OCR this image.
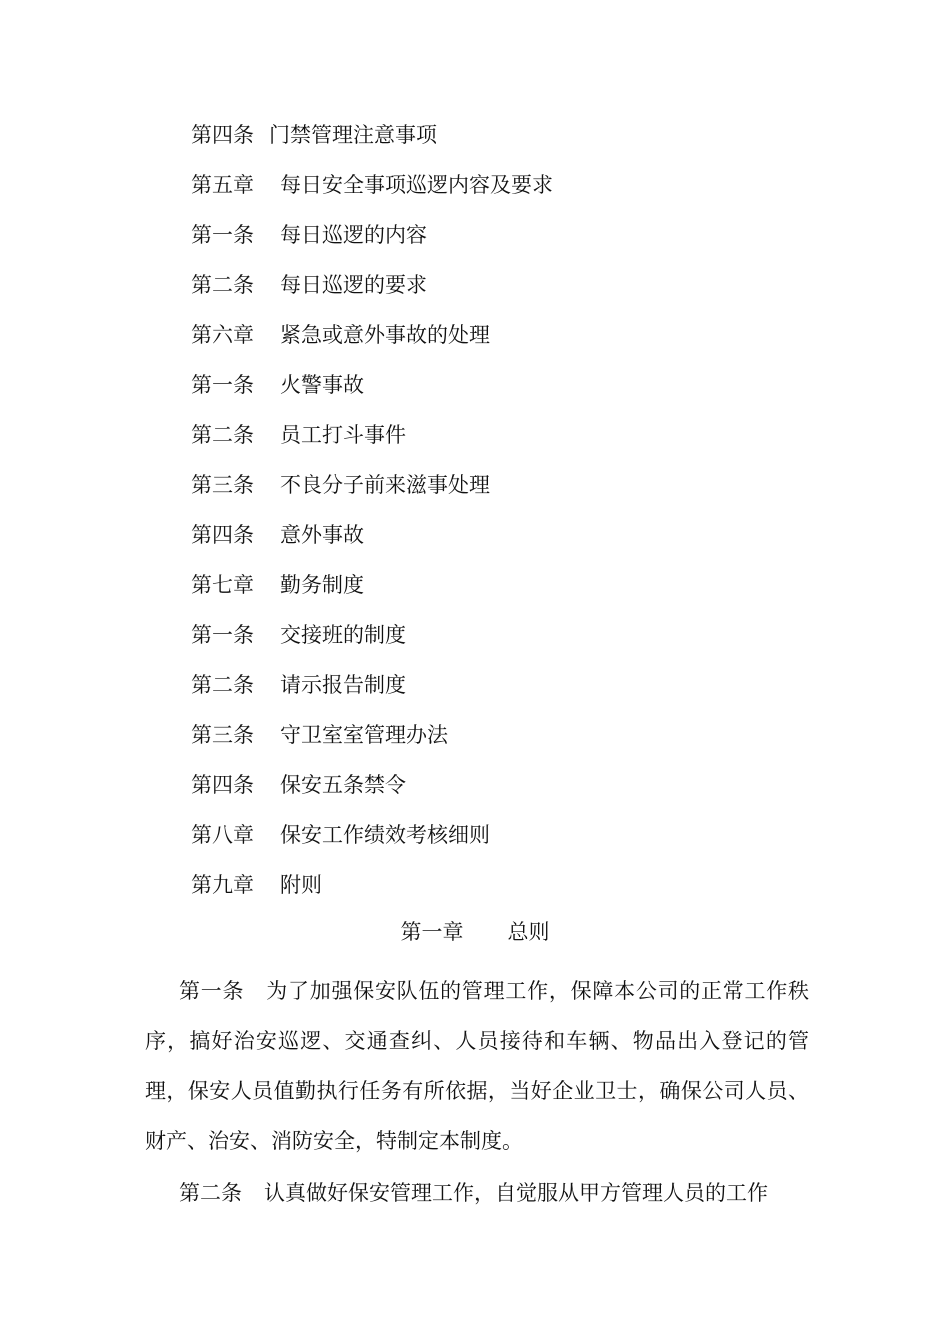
第四条 门禁管理注意事项
第五章 每日安全事项巡逻内容及要求
第一条 每日巡逻的内容
第二条 每日巡逻的要求
第六章 紧急或意外事故的处理
第一条 火警事故
第二条 员工打斗事件
第三条 不良分子前来滋事处理
第四条 意外事故
第七章 勤务制度
第一条 交接班的制度
第二条 请示报告制度
第三条 守卫室室管理办法
第四条 保安五条禁令
第八章 保安工作绩效考核细则
第九章 附则
第一章 总则

第一条 为了加强保安队伍的管理工作，保障本公司的正常工作秩序，搞好治安巡逻、交通查纠、人员接待和车辆、物品出入登记的管理，保安人员值勤执行任务有所依据，当好企业卫士，确保公司人员、财产、治安、消防安全，特制定本制度。

第二条 认真做好保安管理工作，自觉服从甲方管理人员的工作
